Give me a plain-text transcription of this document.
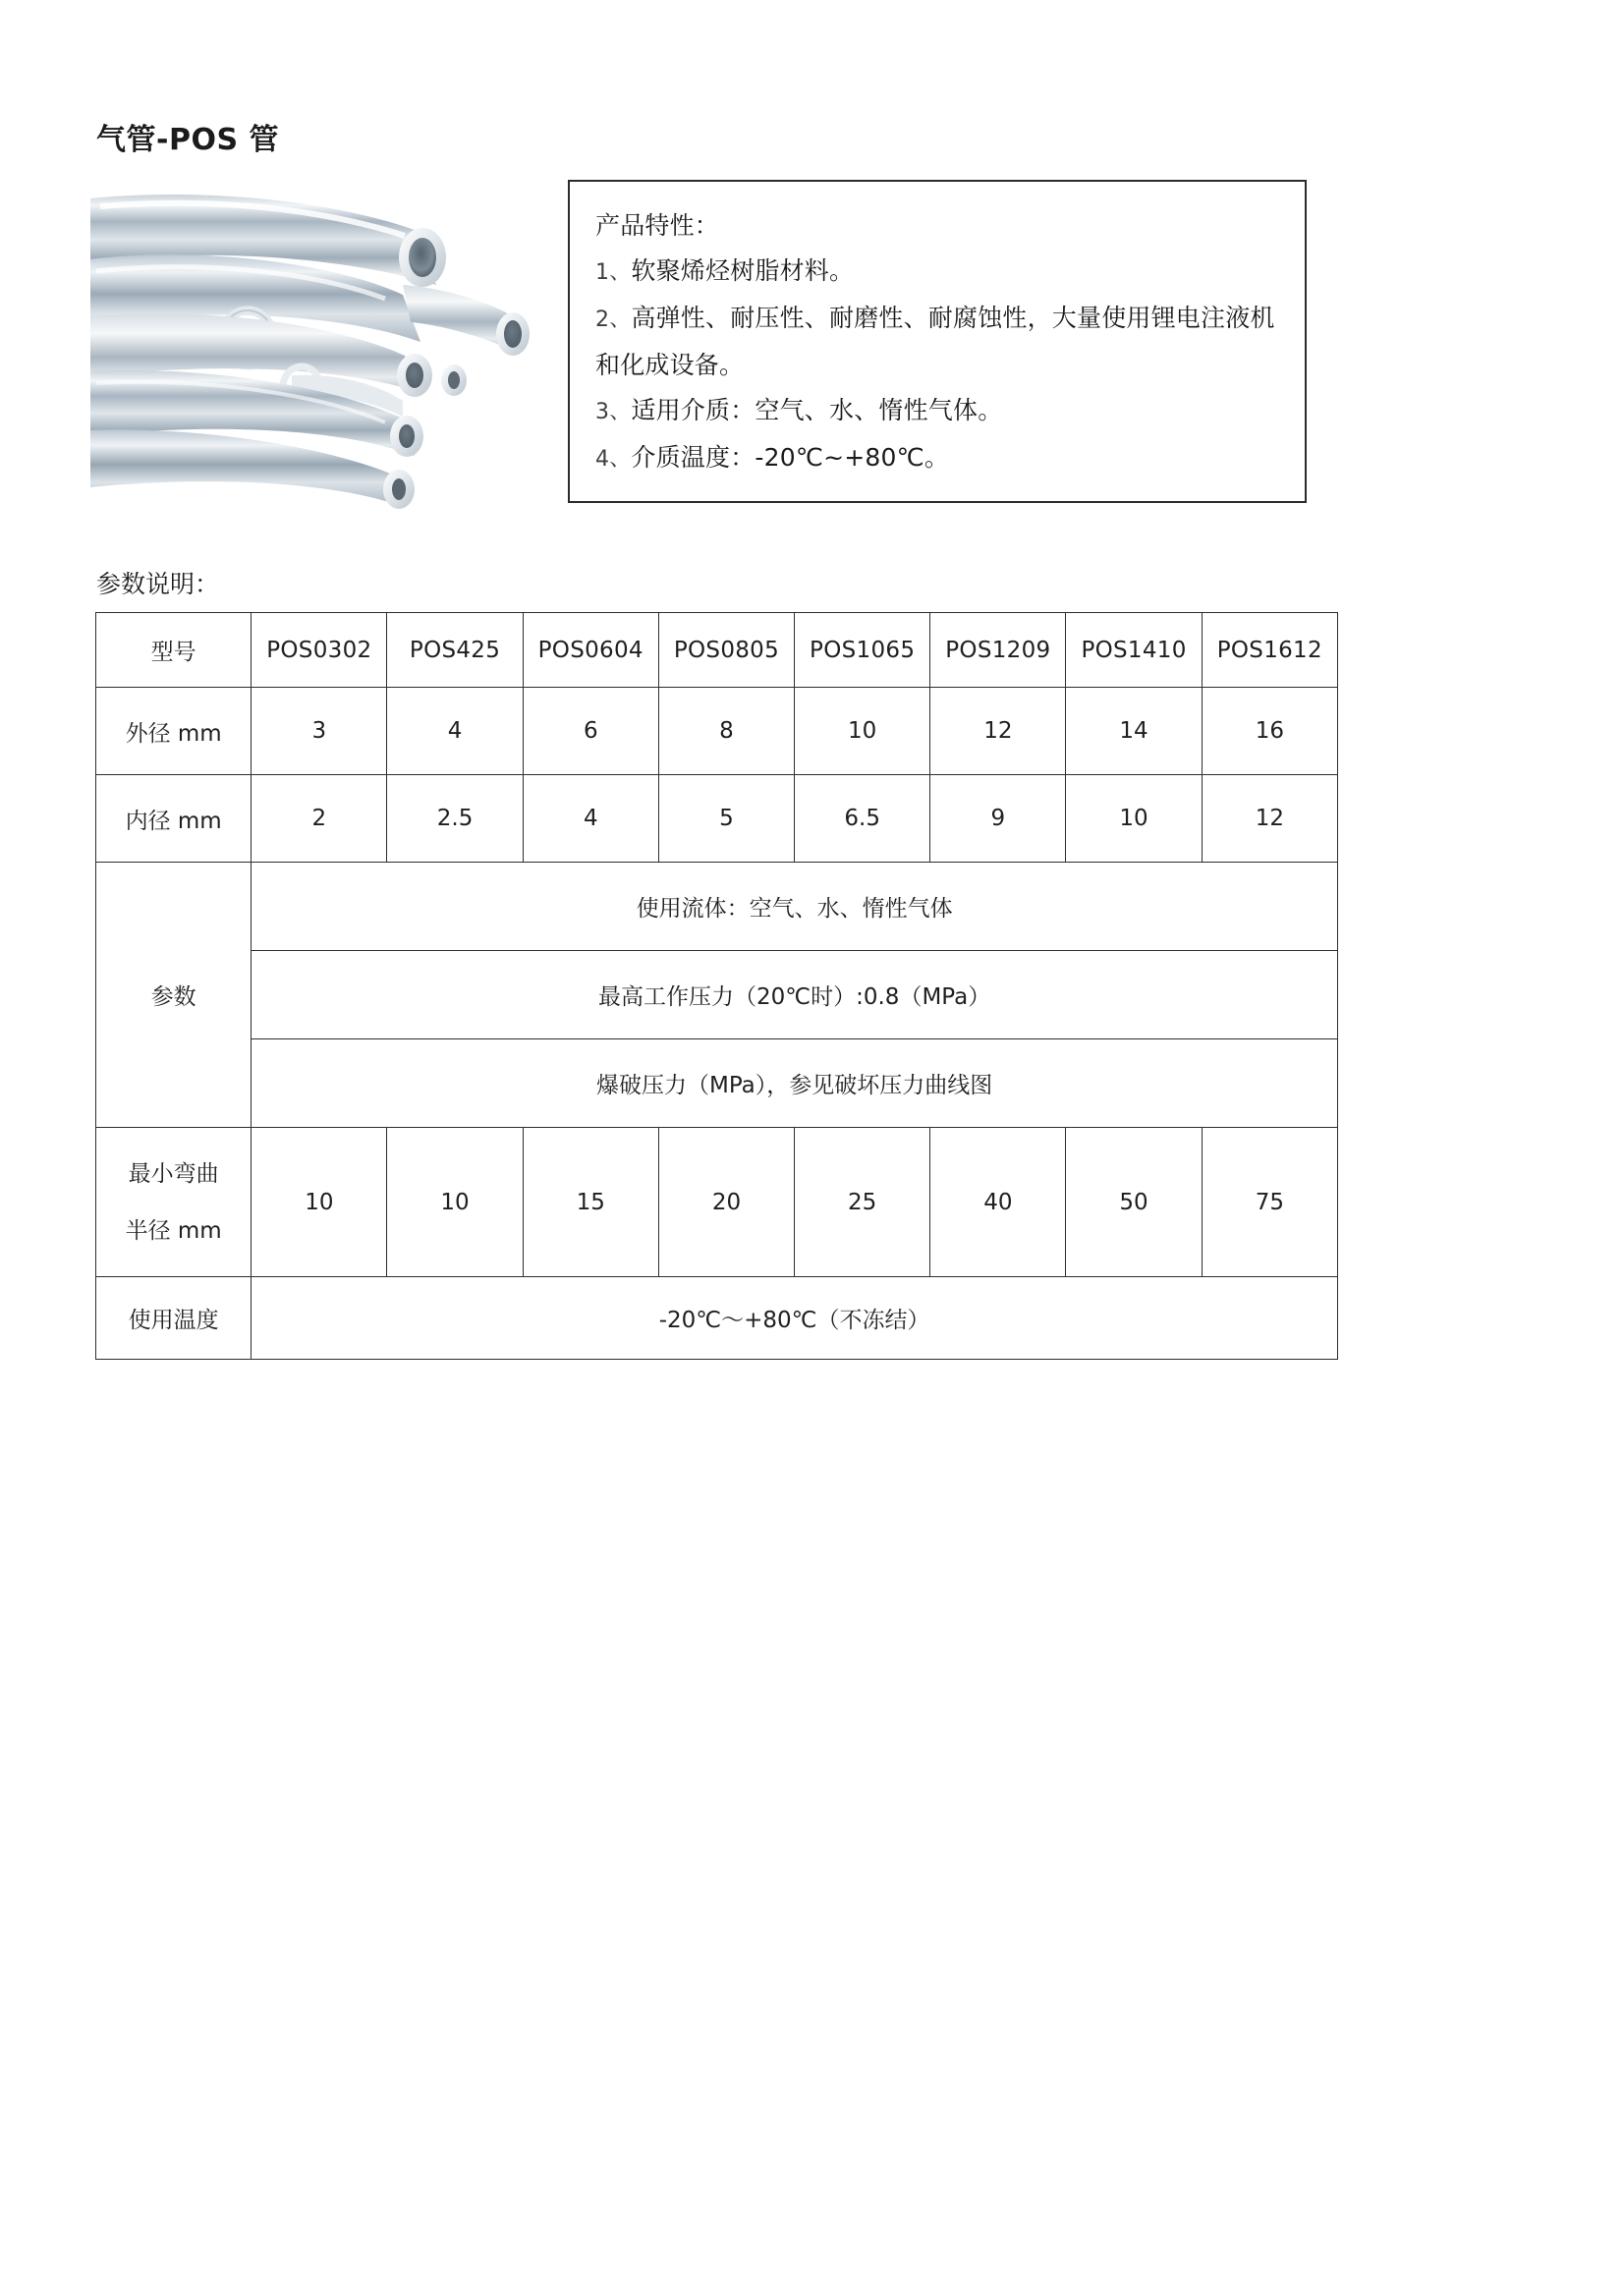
气管-POS 管
产品特性：
1、软聚烯烃树脂材料。
2、高弹性、耐压性、耐磨性、耐腐蚀性，大量使用锂电注液机和化成设备。
3、适用介质：空气、水、惰性气体。
4、介质温度：-20℃~+80℃。
参数说明：
型号	POS0302	POS425	POS0604	POS0805	POS1065	POS1209	POS1410	POS1612
外径 mm	3	4	6	8	10	12	14	16
内径 mm	2	2.5	4	5	6.5	9	10	12
参数	使用流体：空气、水、惰性气体							
	最高工作压力（20℃时）:0.8（MPa）							
	爆破压力（MPa），参见破坏压力曲线图							

最小弯曲
半径 mm	10	10	15	20	25	40	50	75
使用温度	-20℃～+80℃（不冻结）							
